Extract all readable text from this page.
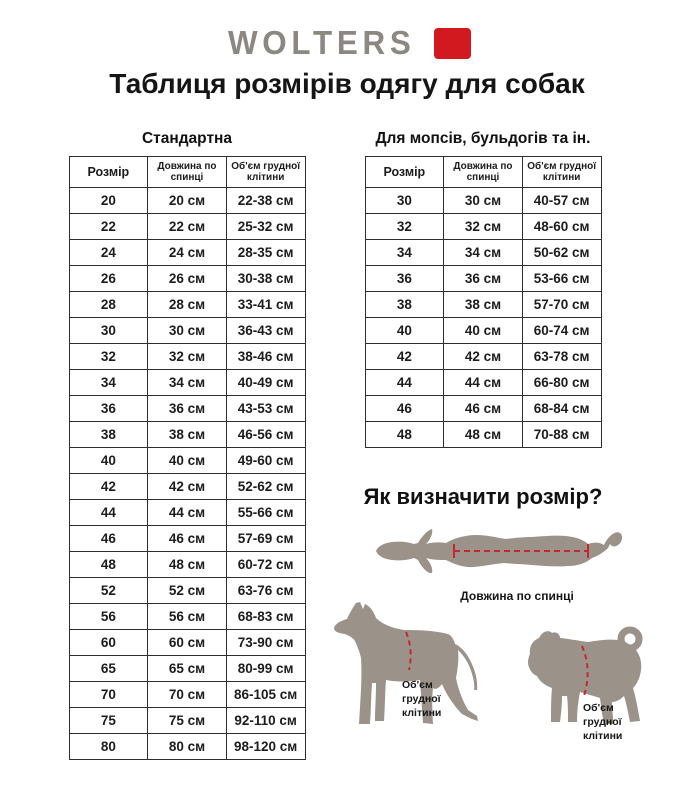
WOLTERS
Таблиця розмірів одягу для собак
Стандартна
Розмір	Довжина по спинці	Об'єм грудної клітини
20	20 см	22-38 см
22	22 см	25-32 см
24	24 см	28-35 см
26	26 см	30-38 см
28	28 см	33-41 см
30	30 см	36-43 см
32	32 см	38-46 см
34	34 см	40-49 см
36	36 см	43-53 см
38	38 см	46-56 см
40	40 см	49-60 см
42	42 см	52-62 см
44	44 см	55-66 см
46	46 см	57-69 см
48	48 см	60-72 см
52	52 см	63-76 см
56	56 см	68-83 см
60	60 см	73-90 см
65	65 см	80-99 см
70	70 см	86-105 см
75	75 см	92-110 см
80	80 см	98-120 см
Для мопсів, бульдогів та ін.
Розмір	Довжина по спинці	Об'єм грудної клітини
30	30 см	40-57 см
32	32 см	48-60 см
34	34 см	50-62 см
36	36 см	53-66 см
38	38 см	57-70 см
40	40 см	60-74 см
42	42 см	63-78 см
44	44 см	66-80 см
46	46 см	68-84 см
48	48 см	70-88 см
Як визначити розмір?
Довжина по спинці
Об'єм грудної клітини	Об'єм грудної клітини
